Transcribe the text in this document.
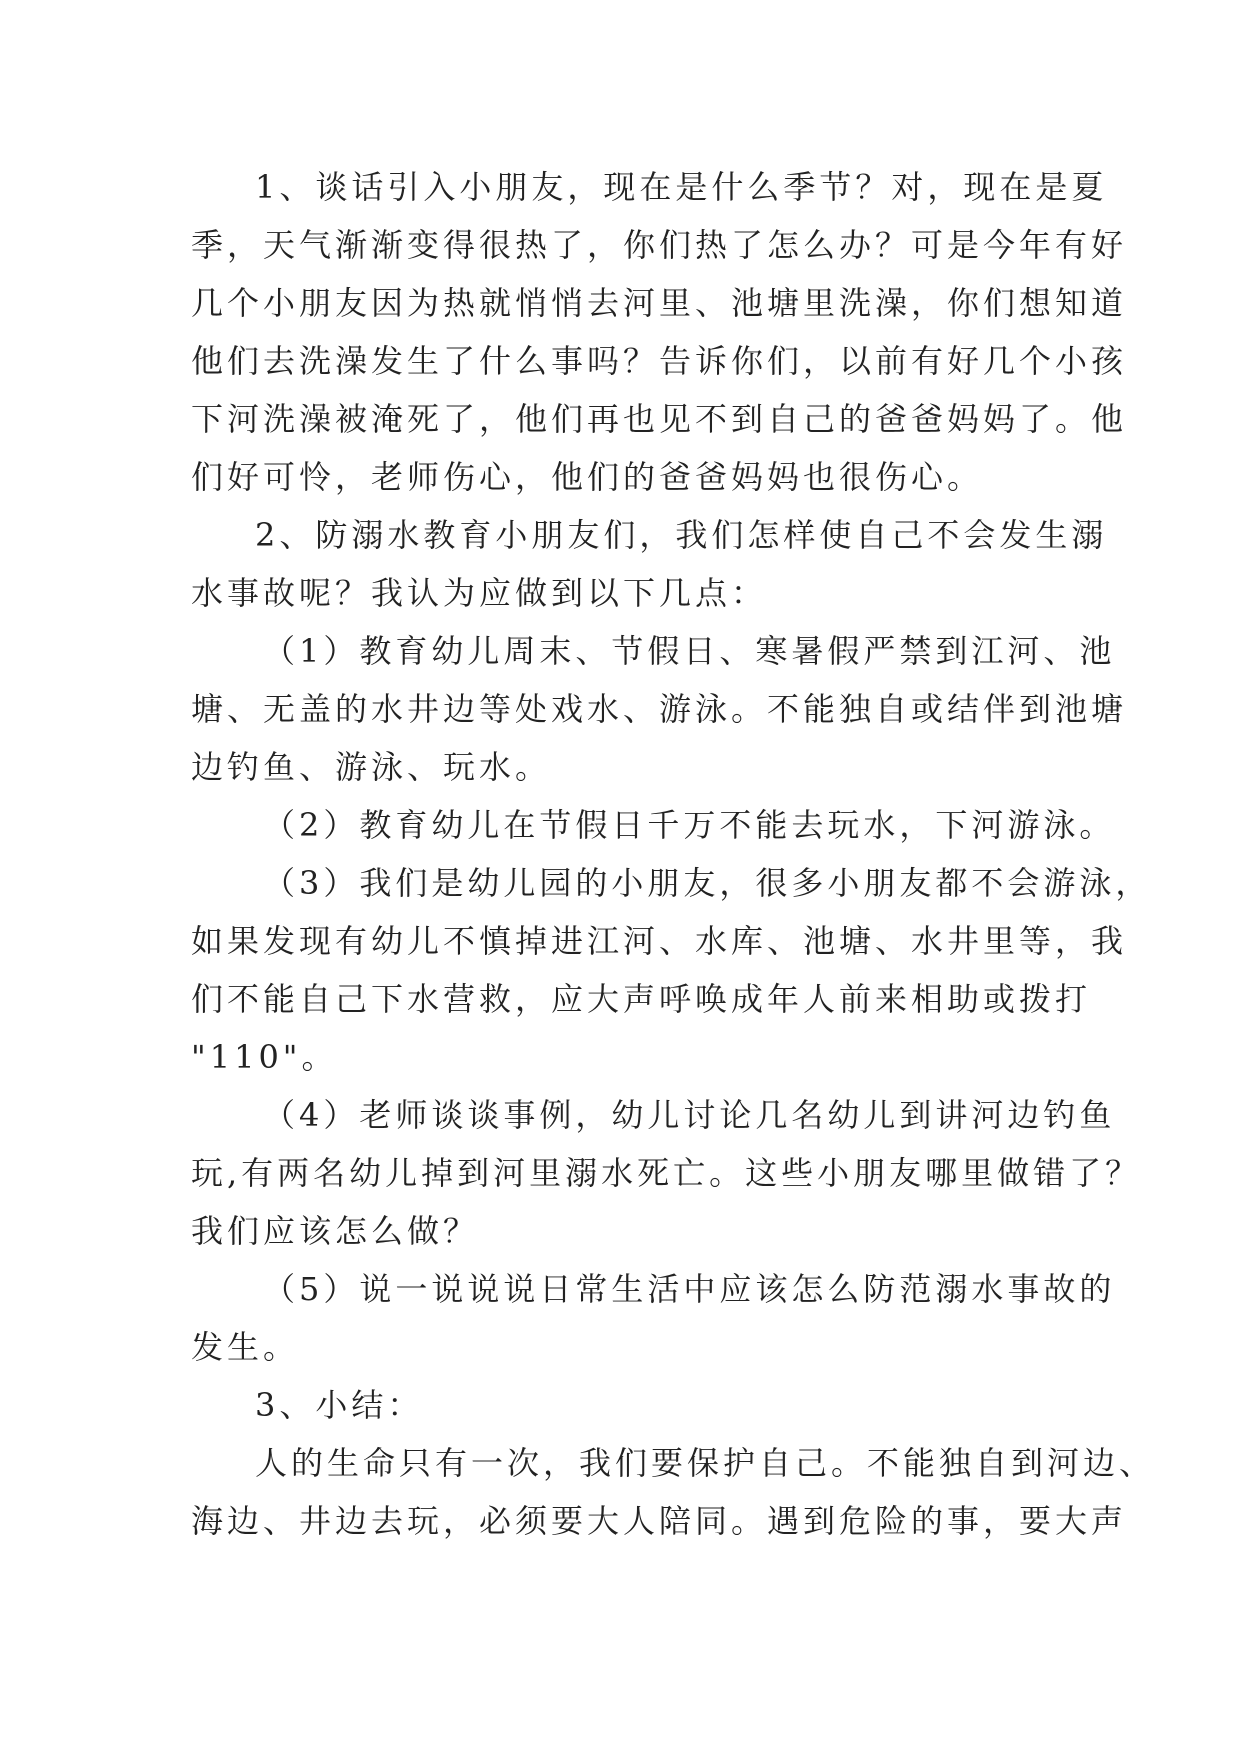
1、谈话引入小朋友，现在是什么季节？对，现在是夏
季，天气渐渐变得很热了，你们热了怎么办？可是今年有好
几个小朋友因为热就悄悄去河里、池塘里洗澡，你们想知道
他们去洗澡发生了什么事吗？告诉你们，以前有好几个小孩
下河洗澡被淹死了，他们再也见不到自己的爸爸妈妈了。他
们好可怜，老师伤心，他们的爸爸妈妈也很伤心。

2、防溺水教育小朋友们，我们怎样使自己不会发生溺
水事故呢？我认为应做到以下几点：

（1）教育幼儿周末、节假日、寒暑假严禁到江河、池
塘、无盖的水井边等处戏水、游泳。不能独自或结伴到池塘
边钓鱼、游泳、玩水。

（2）教育幼儿在节假日千万不能去玩水，下河游泳。

（3）我们是幼儿园的小朋友，很多小朋友都不会游泳，
如果发现有幼儿不慎掉进江河、水库、池塘、水井里等，我
们不能自己下水营救，应大声呼唤成年人前来相助或拨打
"110"。

（4）老师谈谈事例，幼儿讨论几名幼儿到讲河边钓鱼
玩,有两名幼儿掉到河里溺水死亡。这些小朋友哪里做错了？
我们应该怎么做？

（5）说一说说说日常生活中应该怎么防范溺水事故的
发生。

3、小结：

人的生命只有一次，我们要保护自己。不能独自到河边、
海边、井边去玩，必须要大人陪同。遇到危险的事，要大声
